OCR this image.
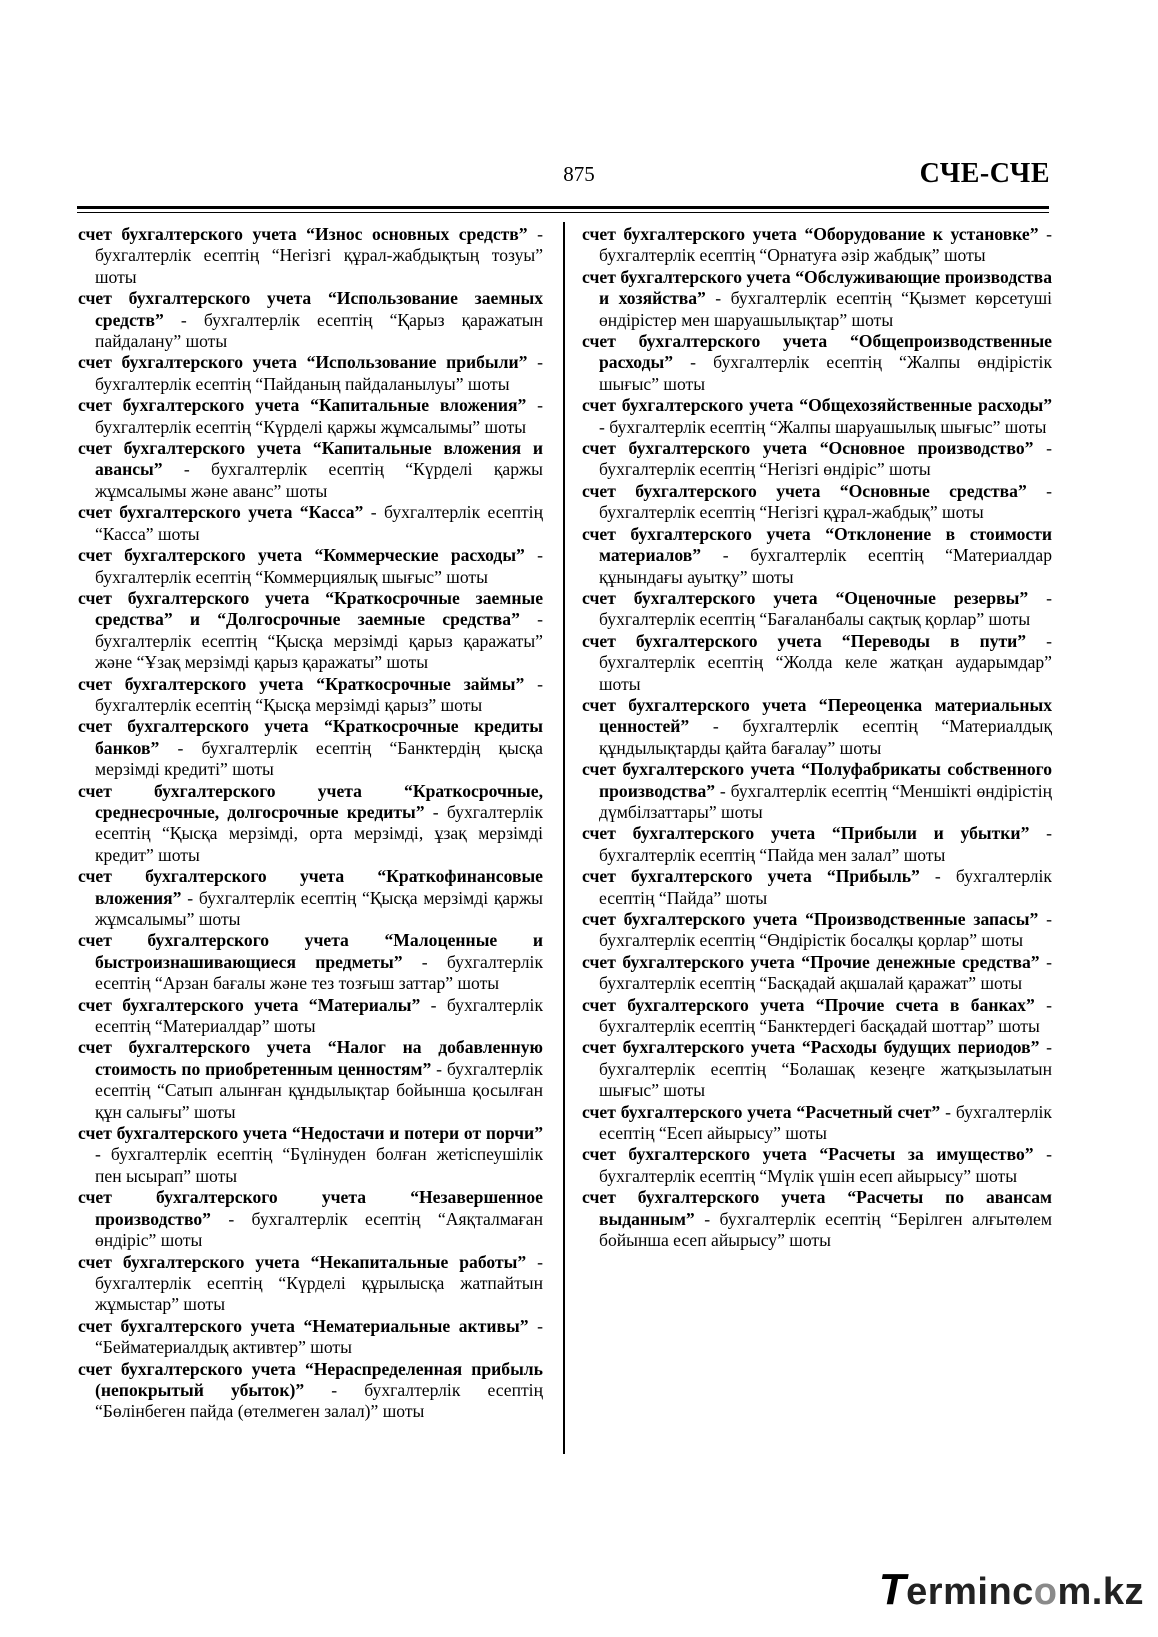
875	СЧЕ-СЧЕ

счет бухгалтерского учета “Износ основных средств” - бухгалтерлік есептің “Негізгі құрал-жабдықтың тозуы” шоты

счет бухгалтерского учета “Использование заемных средств” - бухгалтерлік есептің “Қарыз қаражатын пайдалану” шоты

счет бухгалтерского учета “Использование прибыли” - бухгалтерлік есептің “Пайданың пайдаланылуы” шоты

счет бухгалтерского учета “Капитальные вложения” - бухгалтерлік есептің “Күрделі қаржы жұмсалымы” шоты

счет бухгалтерского учета “Капитальные вложения и авансы” - бухгалтерлік есептің “Күрделі қаржы жұмсалымы және аванс” шоты

счет бухгалтерского учета “Касса” - бухгалтерлік есептің “Касса” шоты

счет бухгалтерского учета “Коммерческие расходы” - бухгалтерлік есептің “Коммерциялық шығыс” шоты

счет бухгалтерского учета “Краткосрочные заемные средства” и “Долгосрочные заемные средства” - бухгалтерлік есептің “Қысқа мерзімді қарыз қаражаты” және “Ұзақ мерзімді қарыз қаражаты” шоты

счет бухгалтерского учета “Краткосрочные займы” - бухгалтерлік есептің “Қысқа мерзімді қарыз” шоты

счет бухгалтерского учета “Краткосрочные кредиты банков” - бухгалтерлік есептің “Банктердің қысқа мерзімді кредиті” шоты

счет бухгалтерского учета “Краткосрочные, среднесрочные, долгосрочные кредиты” - бухгалтерлік есептің “Қысқа мерзімді, орта мерзімді, ұзақ мерзімді кредит” шоты

счет бухгалтерского учета “Краткофинансовые вложения” - бухгалтерлік есептің “Қысқа мерзімді қаржы жұмсалымы” шоты

счет бухгалтерского учета “Малоценные и быстроизнашивающиеся предметы” - бухгалтерлік есептің “Арзан бағалы және тез тозғыш заттар” шоты

счет бухгалтерского учета “Материалы” - бухгалтерлік есептің “Материалдар” шоты

счет бухгалтерского учета “Налог на добавленную стоимость по приобретенным ценностям” - бухгалтерлік есептің “Сатып алынған құндылықтар бойынша қосылған құн салығы” шоты

счет бухгалтерского учета “Недостачи и потери от порчи” - бухгалтерлік есептің “Бүлінуден болған жетіспеушілік пен ысырап” шоты

счет бухгалтерского учета “Незавершенное производство” - бухгалтерлік есептің “Аяқталмаған өндіріс” шоты

счет бухгалтерского учета “Некапитальные работы” - бухгалтерлік есептің “Күрделі құрылысқа жатпайтын жұмыстар” шоты

счет бухгалтерского учета “Нематериальные активы” - “Бейматериалдық активтер” шоты

счет бухгалтерского учета “Нераспределенная прибыль (непокрытый убыток)” - бухгалтерлік есептің “Бөлінбеген пайда (өтелмеген залал)” шоты

счет бухгалтерского учета “Оборудование к установке” - бухгалтерлік есептің “Орнатуға әзір жабдық” шоты

счет бухгалтерского учета “Обслуживающие производства и хозяйства” - бухгалтерлік есептің “Қызмет көрсетуші өндірістер мен шаруашылықтар” шоты

счет бухгалтерского учета “Общепроизводственные расходы” - бухгалтерлік есептің “Жалпы өндірістік шығыс” шоты

счет бухгалтерского учета “Общехозяйственные расходы” - бухгалтерлік есептің “Жалпы шаруашылық шығыс” шоты

счет бухгалтерского учета “Основное производство” - бухгалтерлік есептің “Негізгі өндіріс” шоты

счет бухгалтерского учета “Основные средства” - бухгалтерлік есептің “Негізгі құрал-жабдық” шоты

счет бухгалтерского учета “Отклонение в стоимости материалов” - бухгалтерлік есептің “Материалдар құнындағы ауытқу” шоты

счет бухгалтерского учета “Оценочные резервы” - бухгалтерлік есептің “Бағаланбалы сақтық қорлар” шоты

счет бухгалтерского учета “Переводы в пути” - бухгалтерлік есептің “Жолда келе жатқан аударымдар” шоты

счет бухгалтерского учета “Переоценка материальных ценностей” - бухгалтерлік есептің “Материалдық құндылықтарды қайта бағалау” шоты

счет бухгалтерского учета “Полуфабрикаты собственного производства” - бухгалтерлік есептің “Меншікті өндірістің дүмбілзаттары” шоты

счет бухгалтерского учета “Прибыли и убытки” - бухгалтерлік есептің “Пайда мен залал” шоты

счет бухгалтерского учета “Прибыль” - бухгалтерлік есептің “Пайда” шоты

счет бухгалтерского учета “Производственные запасы” - бухгалтерлік есептің “Өндірістік босалқы қорлар” шоты

счет бухгалтерского учета “Прочие денежные средства” - бухгалтерлік есептің “Басқадай ақшалай қаражат” шоты

счет бухгалтерского учета “Прочие счета в банках” - бухгалтерлік есептің “Банктердегі басқадай шоттар” шоты

счет бухгалтерского учета “Расходы будущих периодов” - бухгалтерлік есептің “Болашақ кезеңге жатқызылатын шығыс” шоты

счет бухгалтерского учета “Расчетный счет” - бухгалтерлік есептің “Есеп айырысу” шоты

счет бухгалтерского учета “Расчеты за имущество” - бухгалтерлік есептің “Мүлік үшін есеп айырысу” шоты

счет бухгалтерского учета “Расчеты по авансам выданным” - бухгалтерлік есептің “Берілген алғытөлем бойынша есеп айырысу” шоты

Termincom.kz
